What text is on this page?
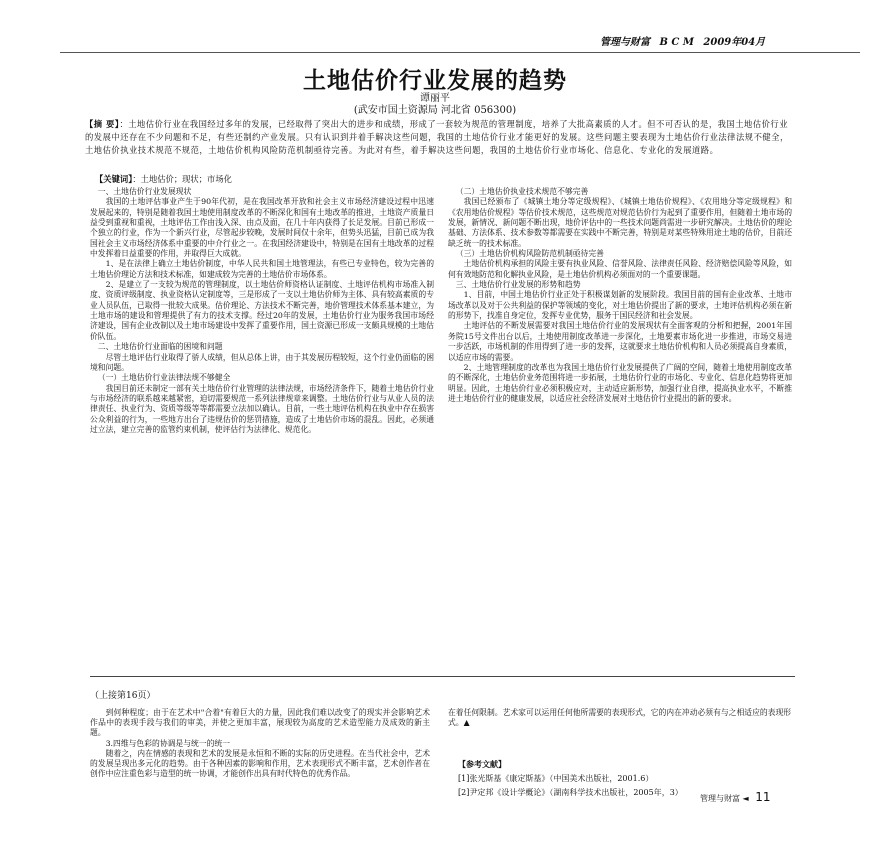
管理与财富 B C M 2009年04月
土地估价行业发展的趋势
谭丽平
(武安市国土资源局 河北省 056300)
【摘 要】：土地估价行业在我国经过多年的发展，已经取得了突出大的进步和成绩，形成了一套较为规范的管理制度，培养了大批高素质的人才。但不可否认的是，我国土地估价行业的发展中还存在不少问题和不足，有些还制约产业发展。只有认识到并着手解决这些问题，我国的土地估价行业才能更好的发展。这些问题主要表现为土地估价行业法律法规不健全，土地估价执业技术规范不规范，土地估价机构风险防范机制亟待完善。为此对有些，着手解决这些问题，我国的土地估价行业市场化、信息化、专业化的发展道路。
【关键词】：土地估价；现状；市场化

一、土地估价行业发展现状

我国的土地评估事业产生于90年代初，是在我国改革开放和社会主义市场经济建设过程中迅速发展起来的，特别是随着我国土地使用制度改革的不断深化和国有土地改革的推进，土地资产质量日益受到重视和重视，土地评估工作由浅入深、由点及面，在几十年内获得了长足发展。目前已形成一个独立的行业，作为一个新兴行业，尽管起步较晚，发展时间仅十余年，但势头迅猛，目前已成为我国社会主义市场经济体系中重要的中介行业之一。在我国经济建设中，特别是在国有土地改革的过程中发挥着日益重要的作用，并取得巨大成就。

1、是在法律上确立土地估价制度，中华人民共和国土地管理法，有些已专业特色，较为完善的土地估价理论方法和技术标准，如建成较为完善的土地估价市场体系。

2、是建立了一支较为规范的管理制度，以土地估价师资格认证制度、土地评估机构市场准入制度、资质评级制度、执业资格认定制度等，三是形成了一支以土地估价师为主体、具有较高素质的专业人员队伍，已取得一批较大成果。估价理论、方法技术不断完善，地价管理技术体系基本建立，为土地市场的建设和管理提供了有力的技术支撑。经过20年的发展，土地估价行业为服务我国市场经济建设，国有企业改制以及土地市场建设中发挥了重要作用，国土资源已形成一支颇具规模的土地估价队伍。

二、土地估价行业面临的困境和问题

尽管土地评估行业取得了骄人成绩，但从总体上讲，由于其发展历程较短，这个行业仍面临的困境和问题。

（一）土地估价行业法律法规不够健全

我国目前还未制定一部有关土地估价行业管理的法律法规，市场经济条件下，随着土地估价行业与市场经济的联系越来越紧密，迫切需要规范一系列法律规章来调整。土地估价行业与从业人员的法律责任、执业行为、资质等级等等都需要立法加以确认。目前，一些土地评估机构在执业中存在损害公众利益的行为，一些地方出台了违规估价的惩罚措施，造成了土地估价市场的混乱。因此，必须通过立法，建立完善的监管约束机制，使评估行为法律化、规范化。

（二）土地估价执业技术规范不够完善

我国已经颁布了《城镇土地分等定级规程》、《城镇土地估价规程》、《农用地分等定级规程》和《农用地估价规程》等估价技术规范，这些规范对规范估价行为起到了重要作用，但随着土地市场的发展，新情况、新问题不断出现，地价评估中的一些技术问题尚需进一步研究解决。土地估价的理论基础、方法体系、技术参数等都需要在实践中不断完善，特别是对某些特殊用途土地的估价，目前还缺乏统一的技术标准。

（三）土地估价机构风险防范机制亟待完善

土地估价机构承担的风险主要有执业风险、信誉风险、法律责任风险、经济赔偿风险等风险，如何有效地防范和化解执业风险，是土地估价机构必须面对的一个重要课题。

三、土地估价行业发展的形势和趋势

1、目前，中国土地估价行业正处于积极谋划新的发展阶段。我国目前的国有企业改革、土地市场改革以及对于公共利益的保护等领域的变化，对土地估价提出了新的要求，土地评估机构必须在新的形势下，找准自身定位，发挥专业优势，服务于国民经济和社会发展。

土地评估的不断发展需要对我国土地估价行业的发展现状有全面客观的分析和把握，2001年国务院15号文件出台以后，土地使用制度改革进一步深化，土地要素市场化进一步推进，市场交易进一步活跃，市场机制的作用得到了进一步的发挥，这就要求土地估价机构和人员必须提高自身素质，以适应市场的需要。

2、土地管理制度的改革也为我国土地估价行业发展提供了广阔的空间，随着土地使用制度改革的不断深化，土地估价业务范围将进一步拓展，土地估价行业的市场化、专业化、信息化趋势将更加明显。因此，土地估价行业必须积极应对，主动适应新形势，加强行业自律，提高执业水平，不断推进土地估价行业的健康发展，以适应社会经济发展对土地估价行业提出的新的要求。

（上接第16页）

到何种程度；由于在艺术中"合着"有着巨大的力量，因此我们难以改变了的现实并会影响艺术作品中的表现手段与我们的审美，并使之更加丰富，展现较为高度的艺术造型能力及成效的新主题。

3.四维与色彩的协调是与统一的统一

随着之，内在情感的表现和艺术的发展是永恒和不断的实际的历史进程。在当代社会中，艺术的发展呈现出多元化的趋势。由于各种因素的影响和作用，艺术表现形式不断丰富，艺术创作者在创作中应注重色彩与造型的统一协调，才能创作出具有时代特色的优秀作品。

在着任何限制。艺术家可以运用任何他所需要的表现形式，它的内在冲动必须有与之相适应的表现形式。▲

【参考文献】
[1]张光斯基《康定斯基》（中国美术出版社，2001.6）
[2]尹定邦《设计学概论》（湖南科学技术出版社，2005年，3）
管理与财富 ◄ 11
